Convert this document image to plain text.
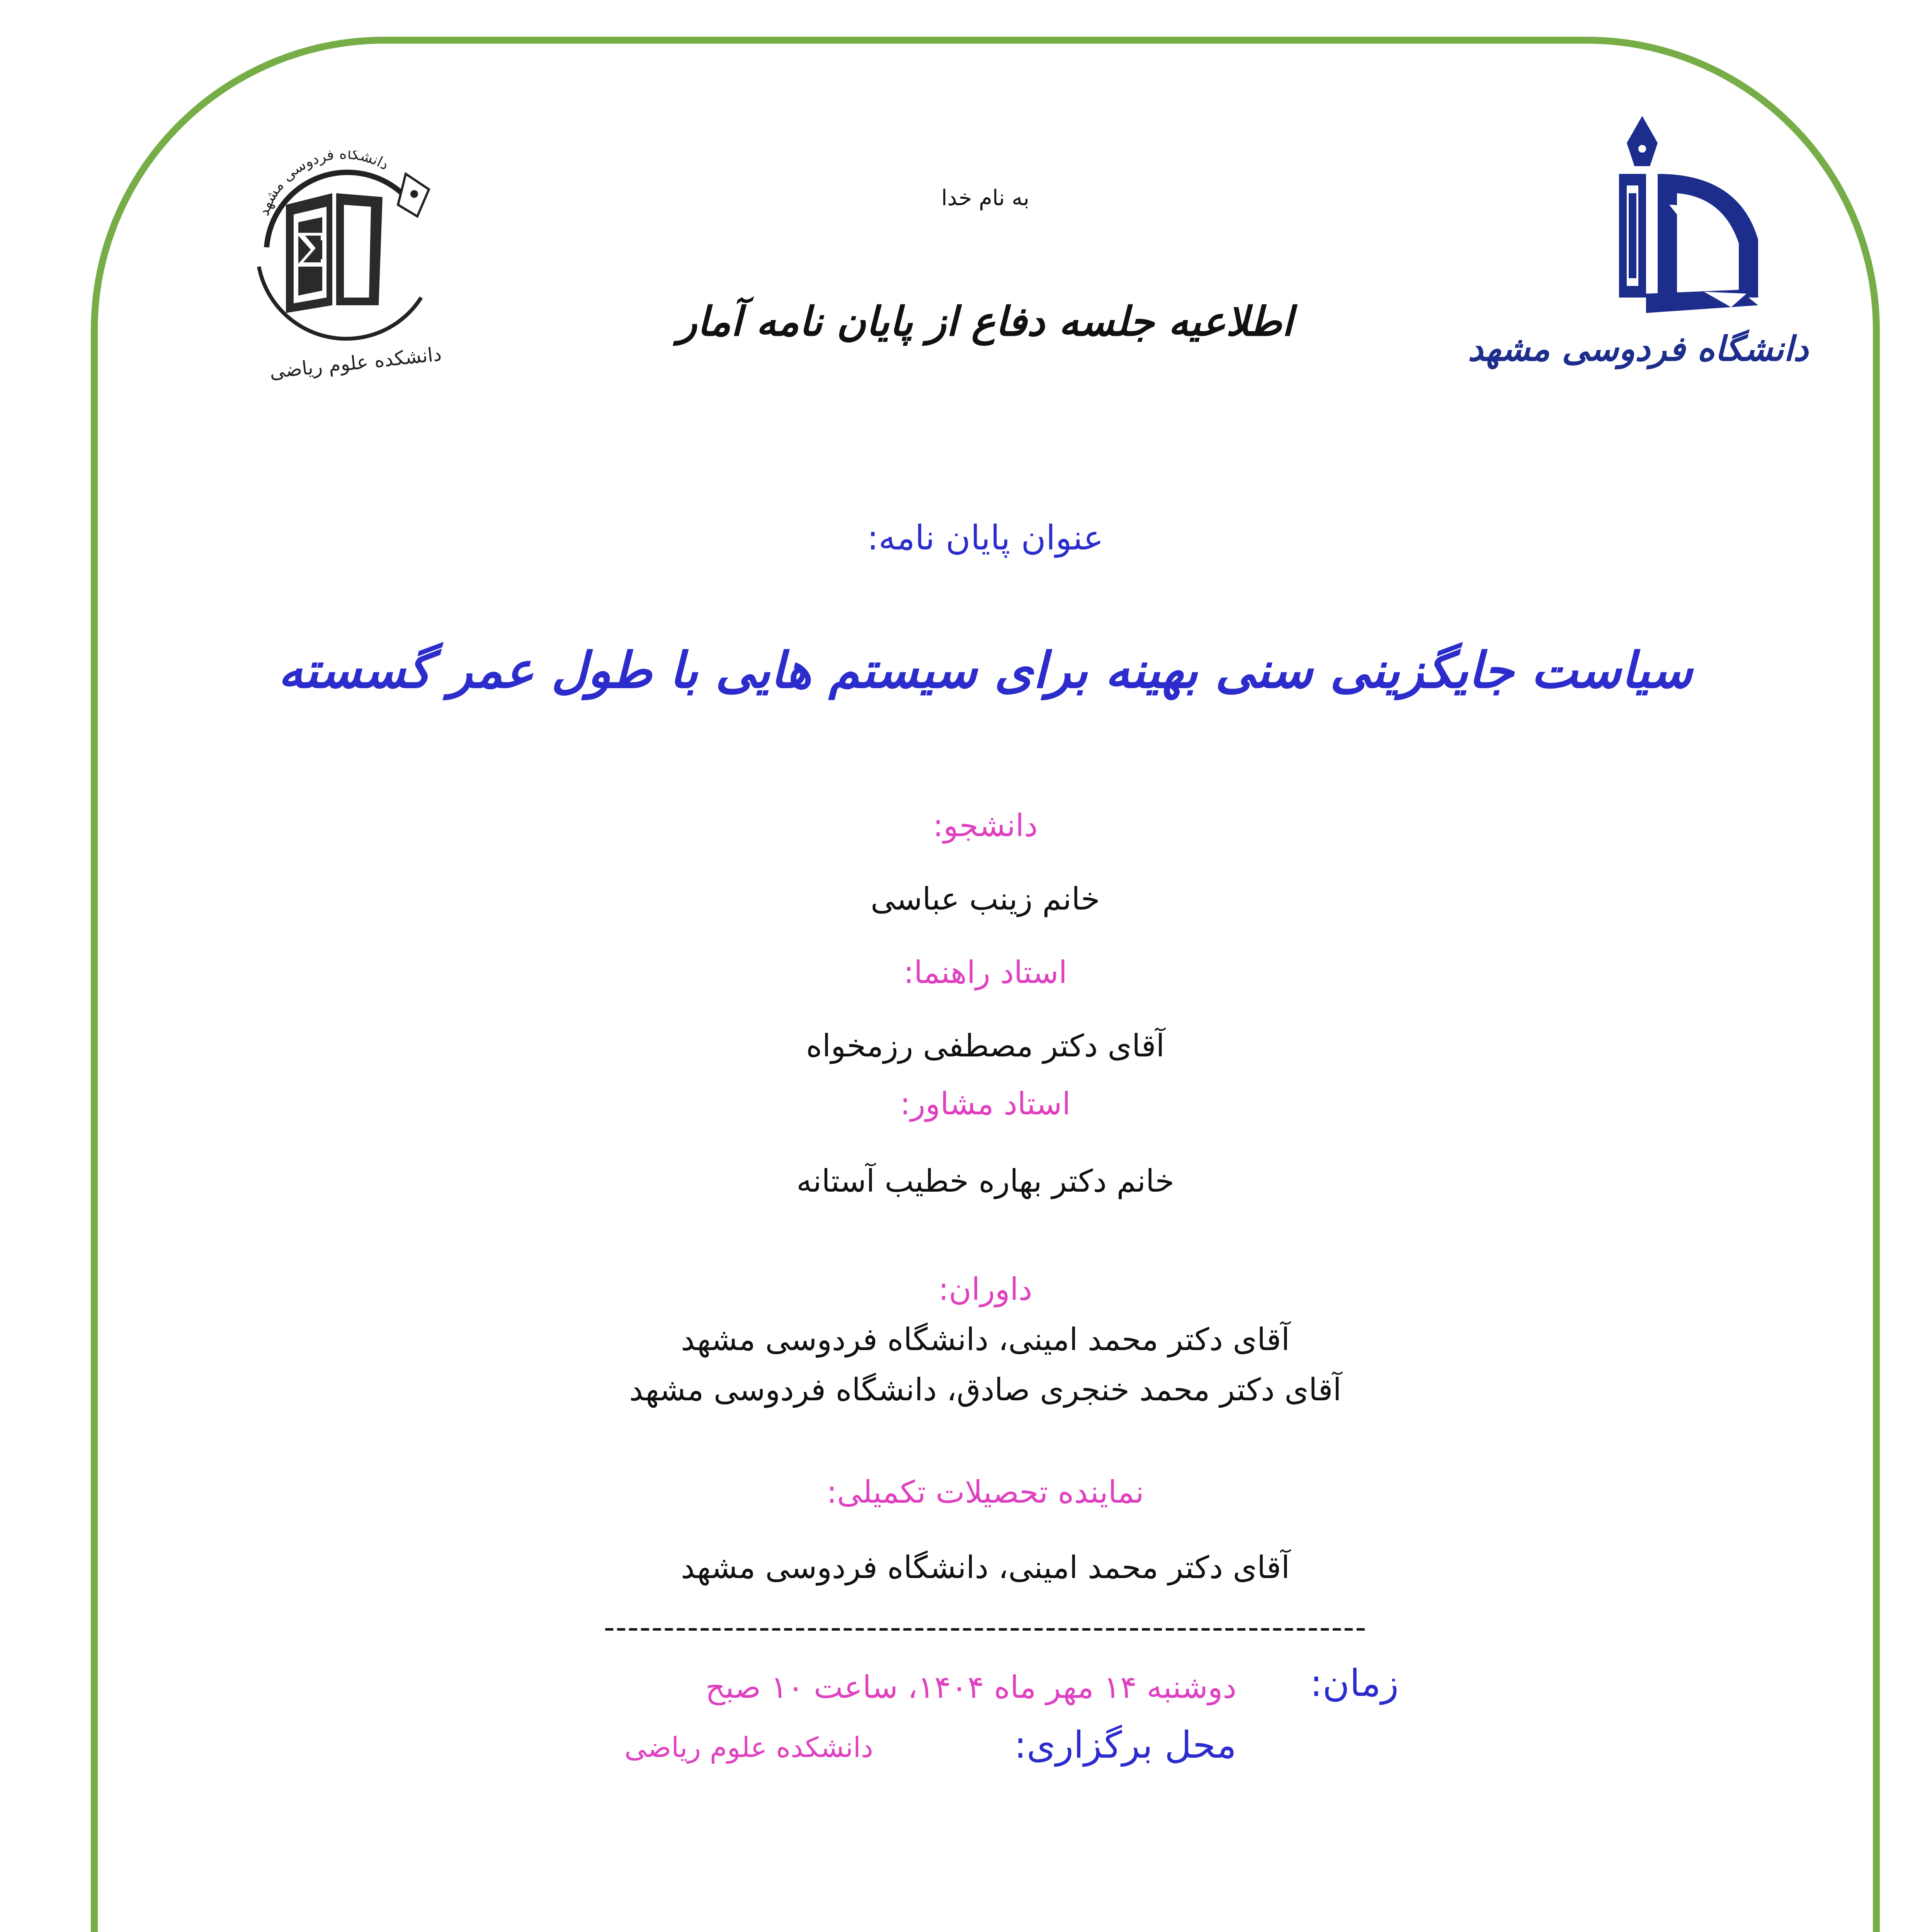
دانشگاه فردوسی مشهد
Σ
دانشکده علوم ریاضی	دانشگاه فردوسی مشهد
به نام خدا
اطلاعیه جلسه دفاع از پایان نامه آمار
عنوان پایان نامه:
سیاست جایگزینی سنی بهینه برای سیستم هایی با طول عمر گسسته
دانشجو:
خانم زینب عباسی
استاد راهنما:
آقای دکتر مصطفی رزمخواه
استاد مشاور:
خانم دکتر بهاره خطیب آستانه
داوران:
آقای دکتر محمد امینی، دانشگاه فردوسی مشهد
آقای دکتر محمد خنجری صادق، دانشگاه فردوسی مشهد
نماینده تحصیلات تکمیلی:
آقای دکتر محمد امینی، دانشگاه فردوسی مشهد
----------------------------------------------------------------
زمان:
دوشنبه ۱۴ مهر ماه ۱۴۰۴، ساعت ۱۰ صبح
محل برگزاری:
دانشکده علوم ریاضی
